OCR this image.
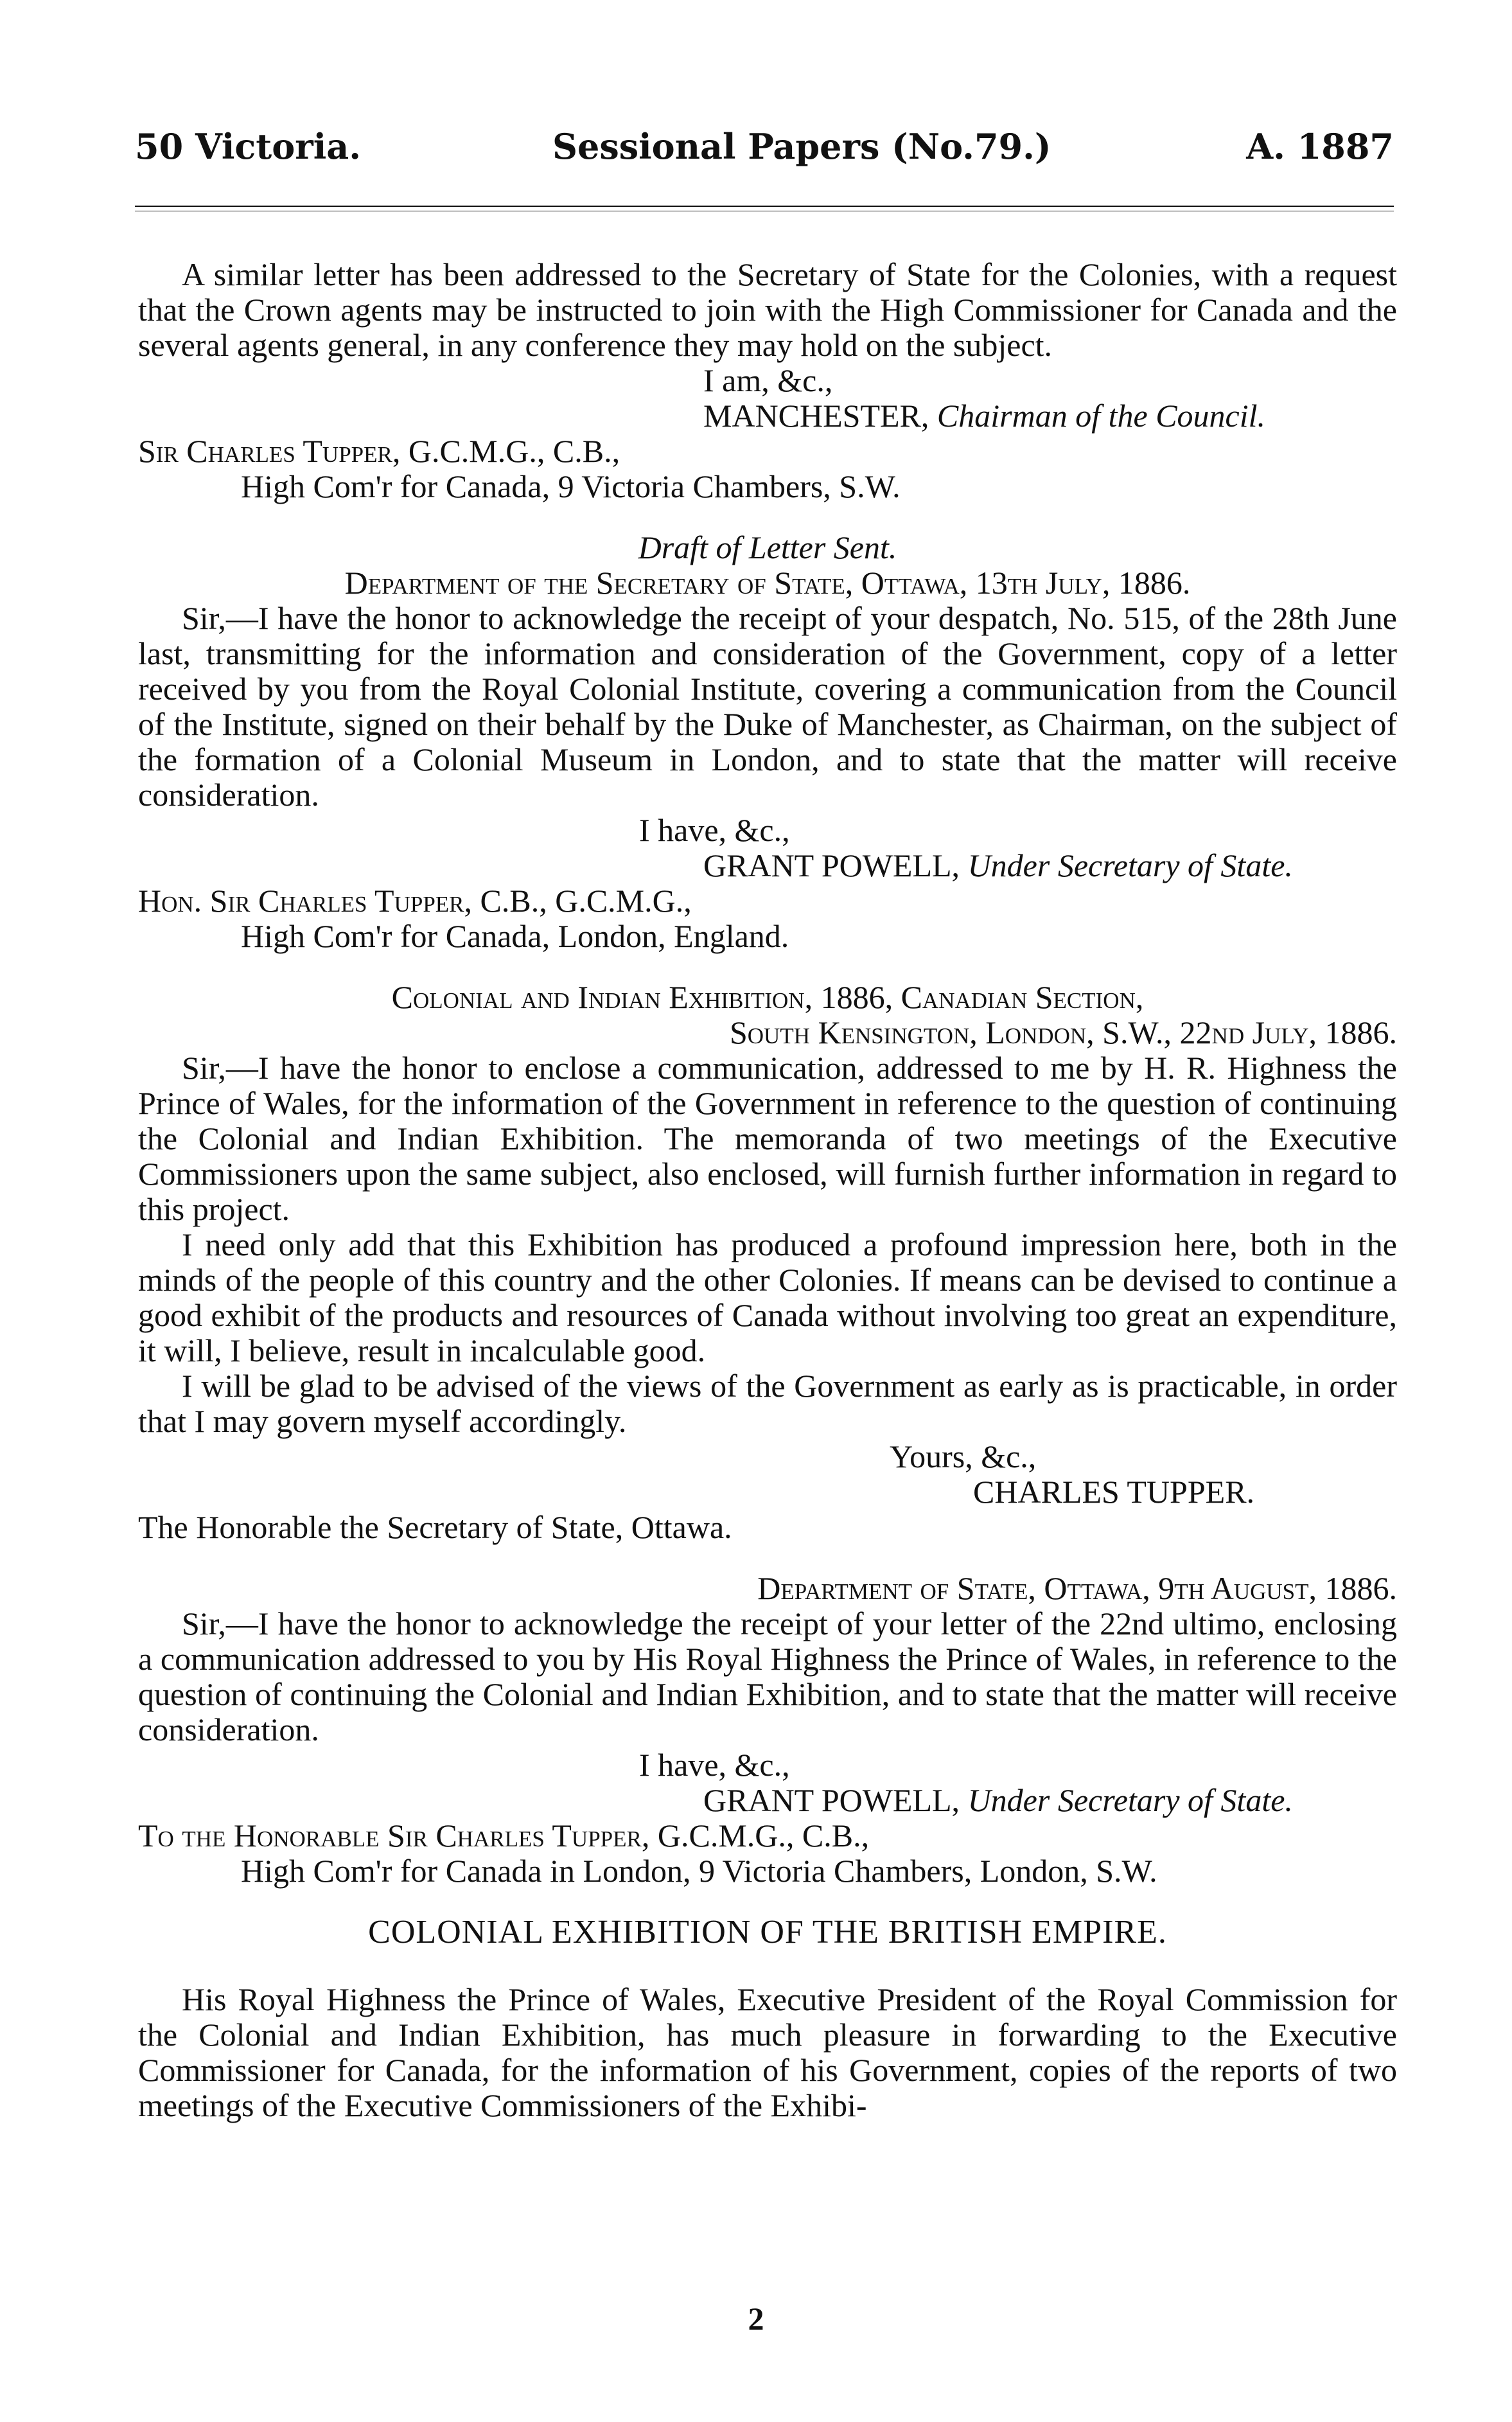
50 Victoria.	Sessional Papers (No.79.)	A. 1887

A similar letter has been addressed to the Secretary of State for the Colonies, with a request that the Crown agents may be instructed to join with the High Commissioner for Canada and the several agents general, in any conference they may hold on the subject.

I am, &c.,
MANCHESTER, Chairman of the Council.
Sir Charles Tupper, G.C.M.G., C.B.,
High Com'r for Canada, 9 Victoria Chambers, S.W.
Draft of Letter Sent.
Department of the Secretary of State, Ottawa, 13th July, 1886.

Sir,—I have the honor to acknowledge the receipt of your despatch, No. 515, of the 28th June last, transmitting for the information and consideration of the Government, copy of a letter received by you from the Royal Colonial Institute, covering a communication from the Council of the Institute, signed on their behalf by the Duke of Manchester, as Chairman, on the subject of the formation of a Colonial Museum in London, and to state that the matter will receive consideration.

I have, &c.,
GRANT POWELL, Under Secretary of State.
Hon. Sir Charles Tupper, C.B., G.C.M.G.,
High Com'r for Canada, London, England.
Colonial and Indian Exhibition, 1886, Canadian Section,
South Kensington, London, S.W., 22nd July, 1886.

Sir,—I have the honor to enclose a communication, addressed to me by H. R. Highness the Prince of Wales, for the information of the Government in reference to the question of continuing the Colonial and Indian Exhibition. The memoranda of two meetings of the Executive Commissioners upon the same subject, also enclosed, will furnish further information in regard to this project.

I need only add that this Exhibition has produced a profound impression here, both in the minds of the people of this country and the other Colonies. If means can be devised to continue a good exhibit of the products and resources of Canada without involving too great an expenditure, it will, I believe, result in incalculable good.

I will be glad to be advised of the views of the Government as early as is practicable, in order that I may govern myself accordingly.

Yours, &c.,
CHARLES TUPPER.
The Honorable the Secretary of State, Ottawa.
Department of State, Ottawa, 9th August, 1886.

Sir,—I have the honor to acknowledge the receipt of your letter of the 22nd ultimo, enclosing a communication addressed to you by His Royal Highness the Prince of Wales, in reference to the question of continuing the Colonial and Indian Exhibition, and to state that the matter will receive consideration.

I have, &c.,
GRANT POWELL, Under Secretary of State.
To the Honorable Sir Charles Tupper, G.C.M.G., C.B.,
High Com'r for Canada in London, 9 Victoria Chambers, London, S.W.
COLONIAL EXHIBITION OF THE BRITISH EMPIRE.

His Royal Highness the Prince of Wales, Executive President of the Royal Commission for the Colonial and Indian Exhibition, has much pleasure in forwarding to the Executive Commissioner for Canada, for the information of his Government, copies of the reports of two meetings of the Executive Commissioners of the Exhibi-

2
